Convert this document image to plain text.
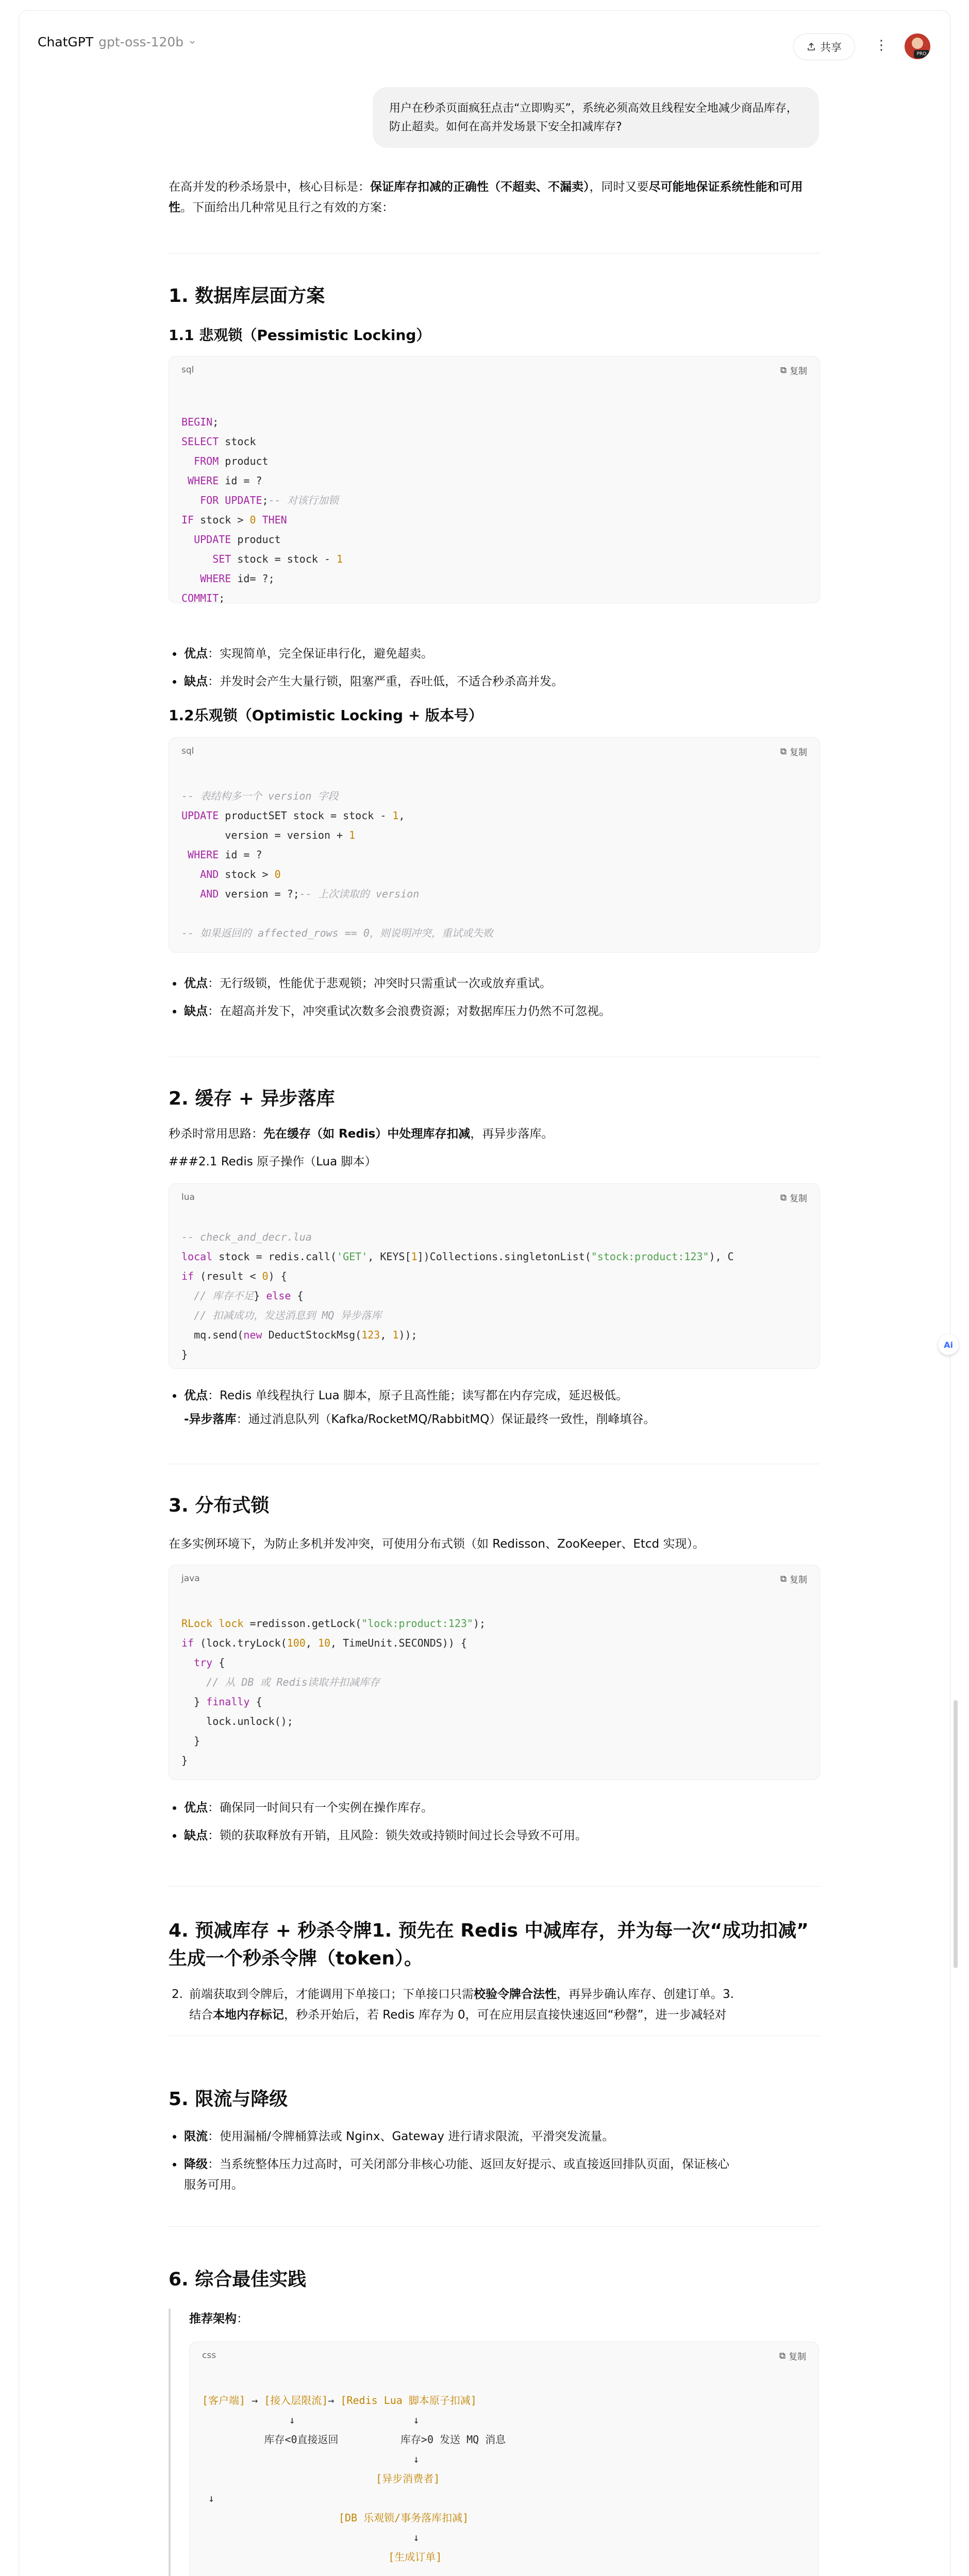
ChatGPT gpt-oss-120b	共享 ⋮
PRO
用户在秒杀页面疯狂点击“立即购买”，系统必须高效且线程安全地减少商品库存，防止超卖。如何在高并发场景下安全扣减库存?
在高并发的秒杀场景中，核心目标是：保证库存扣减的正确性（不超卖、不漏卖），同时又要尽可能地保证系统性能和可用性。下面给出几种常见且行之有效的方案：
1. 数据库层面方案
1.1 悲观锁（Pessimistic Locking）
sql	⧉ 复制
BEGIN;
SELECT stock
FROM product
WHERE id = ?
FOR UPDATE;-- 对该行加锁
IF stock > 0 THEN
UPDATE product
SET stock = stock - 1
WHERE id= ?;
COMMIT;
优点：实现简单，完全保证串行化，避免超卖。
缺点：并发时会产生大量行锁，阻塞严重，吞吐低，不适合秒杀高并发。
1.2乐观锁（Optimistic Locking + 版本号）
sql	⧉ 复制
-- 表结构多一个 version 字段
UPDATE productSET stock = stock - 1,
version = version + 1
WHERE id = ?
AND stock > 0
AND version = ?;-- 上次读取的 version

-- 如果返回的 affected_rows == 0，则说明冲突，重试或失败
优点：无行级锁，性能优于悲观锁；冲突时只需重试一次或放弃重试。
缺点：在超高并发下，冲突重试次数多会浪费资源；对数据库压力仍然不可忽视。
2. 缓存 + 异步落库
秒杀时常用思路：先在缓存（如 Redis）中处理库存扣减，再异步落库。
###2.1 Redis 原子操作（Lua 脚本）
lua	⧉ 复制
-- check_and_decr.lua
local stock = redis.call('GET', KEYS[1])Collections.singletonList("stock:product:123"), C
if (result < 0) {
// 库存不足} else {
// 扣减成功，发送消息到 MQ 异步落库
mq.send(new DeductStockMsg(123, 1));
}
优点：Redis 单线程执行 Lua 脚本，原子且高性能；读写都在内存完成，延迟极低。
-异步落库：通过消息队列（Kafka/RocketMQ/RabbitMQ）保证最终一致性，削峰填谷。
3. 分布式锁
在多实例环境下，为防止多机并发冲突，可使用分布式锁（如 Redisson、ZooKeeper、Etcd 实现）。
java	⧉ 复制
RLock lock =redisson.getLock("lock:product:123");
if (lock.tryLock(100, 10, TimeUnit.SECONDS)) {
try {
// 从 DB 或 Redis读取并扣减库存
} finally {
lock.unlock();
}
}
优点：确保同一时间只有一个实例在操作库存。
缺点：锁的获取释放有开销，且风险：锁失效或持锁时间过长会导致不可用。
4. 预减库存 + 秒杀令牌1. 预先在 Redis 中减库存，并为每一次“成功扣减”
生成一个秒杀令牌（token）。
2. 前端获取到令牌后，才能调用下单接口；下单接口只需校验令牌合法性，再异步确认库存、创建订单。3.
结合本地内存标记，秒杀开始后，若 Redis 库存为 0，可在应用层直接快速返回“秒罄”，进一步减轻对
5. 限流与降级
限流：使用漏桶/令牌桶算法或 Nginx、Gateway 进行请求限流，平滑突发流量。
降级：当系统整体压力过高时，可关闭部分非核心功能、返回友好提示、或直接返回排队页面，保证核心
服务可用。
6. 综合最佳实践
推荐架构：
css	⧉ 复制
[客户端] → [接入层限流]→ [Redis Lua 脚本原子扣减]
↓                   ↓
库存<0直接返回          库存>0 发送 MQ 消息
↓
[异步消费者]
↓
[DB 乐观锁/事务落库扣减]
↓
[生成订单]

Ai
